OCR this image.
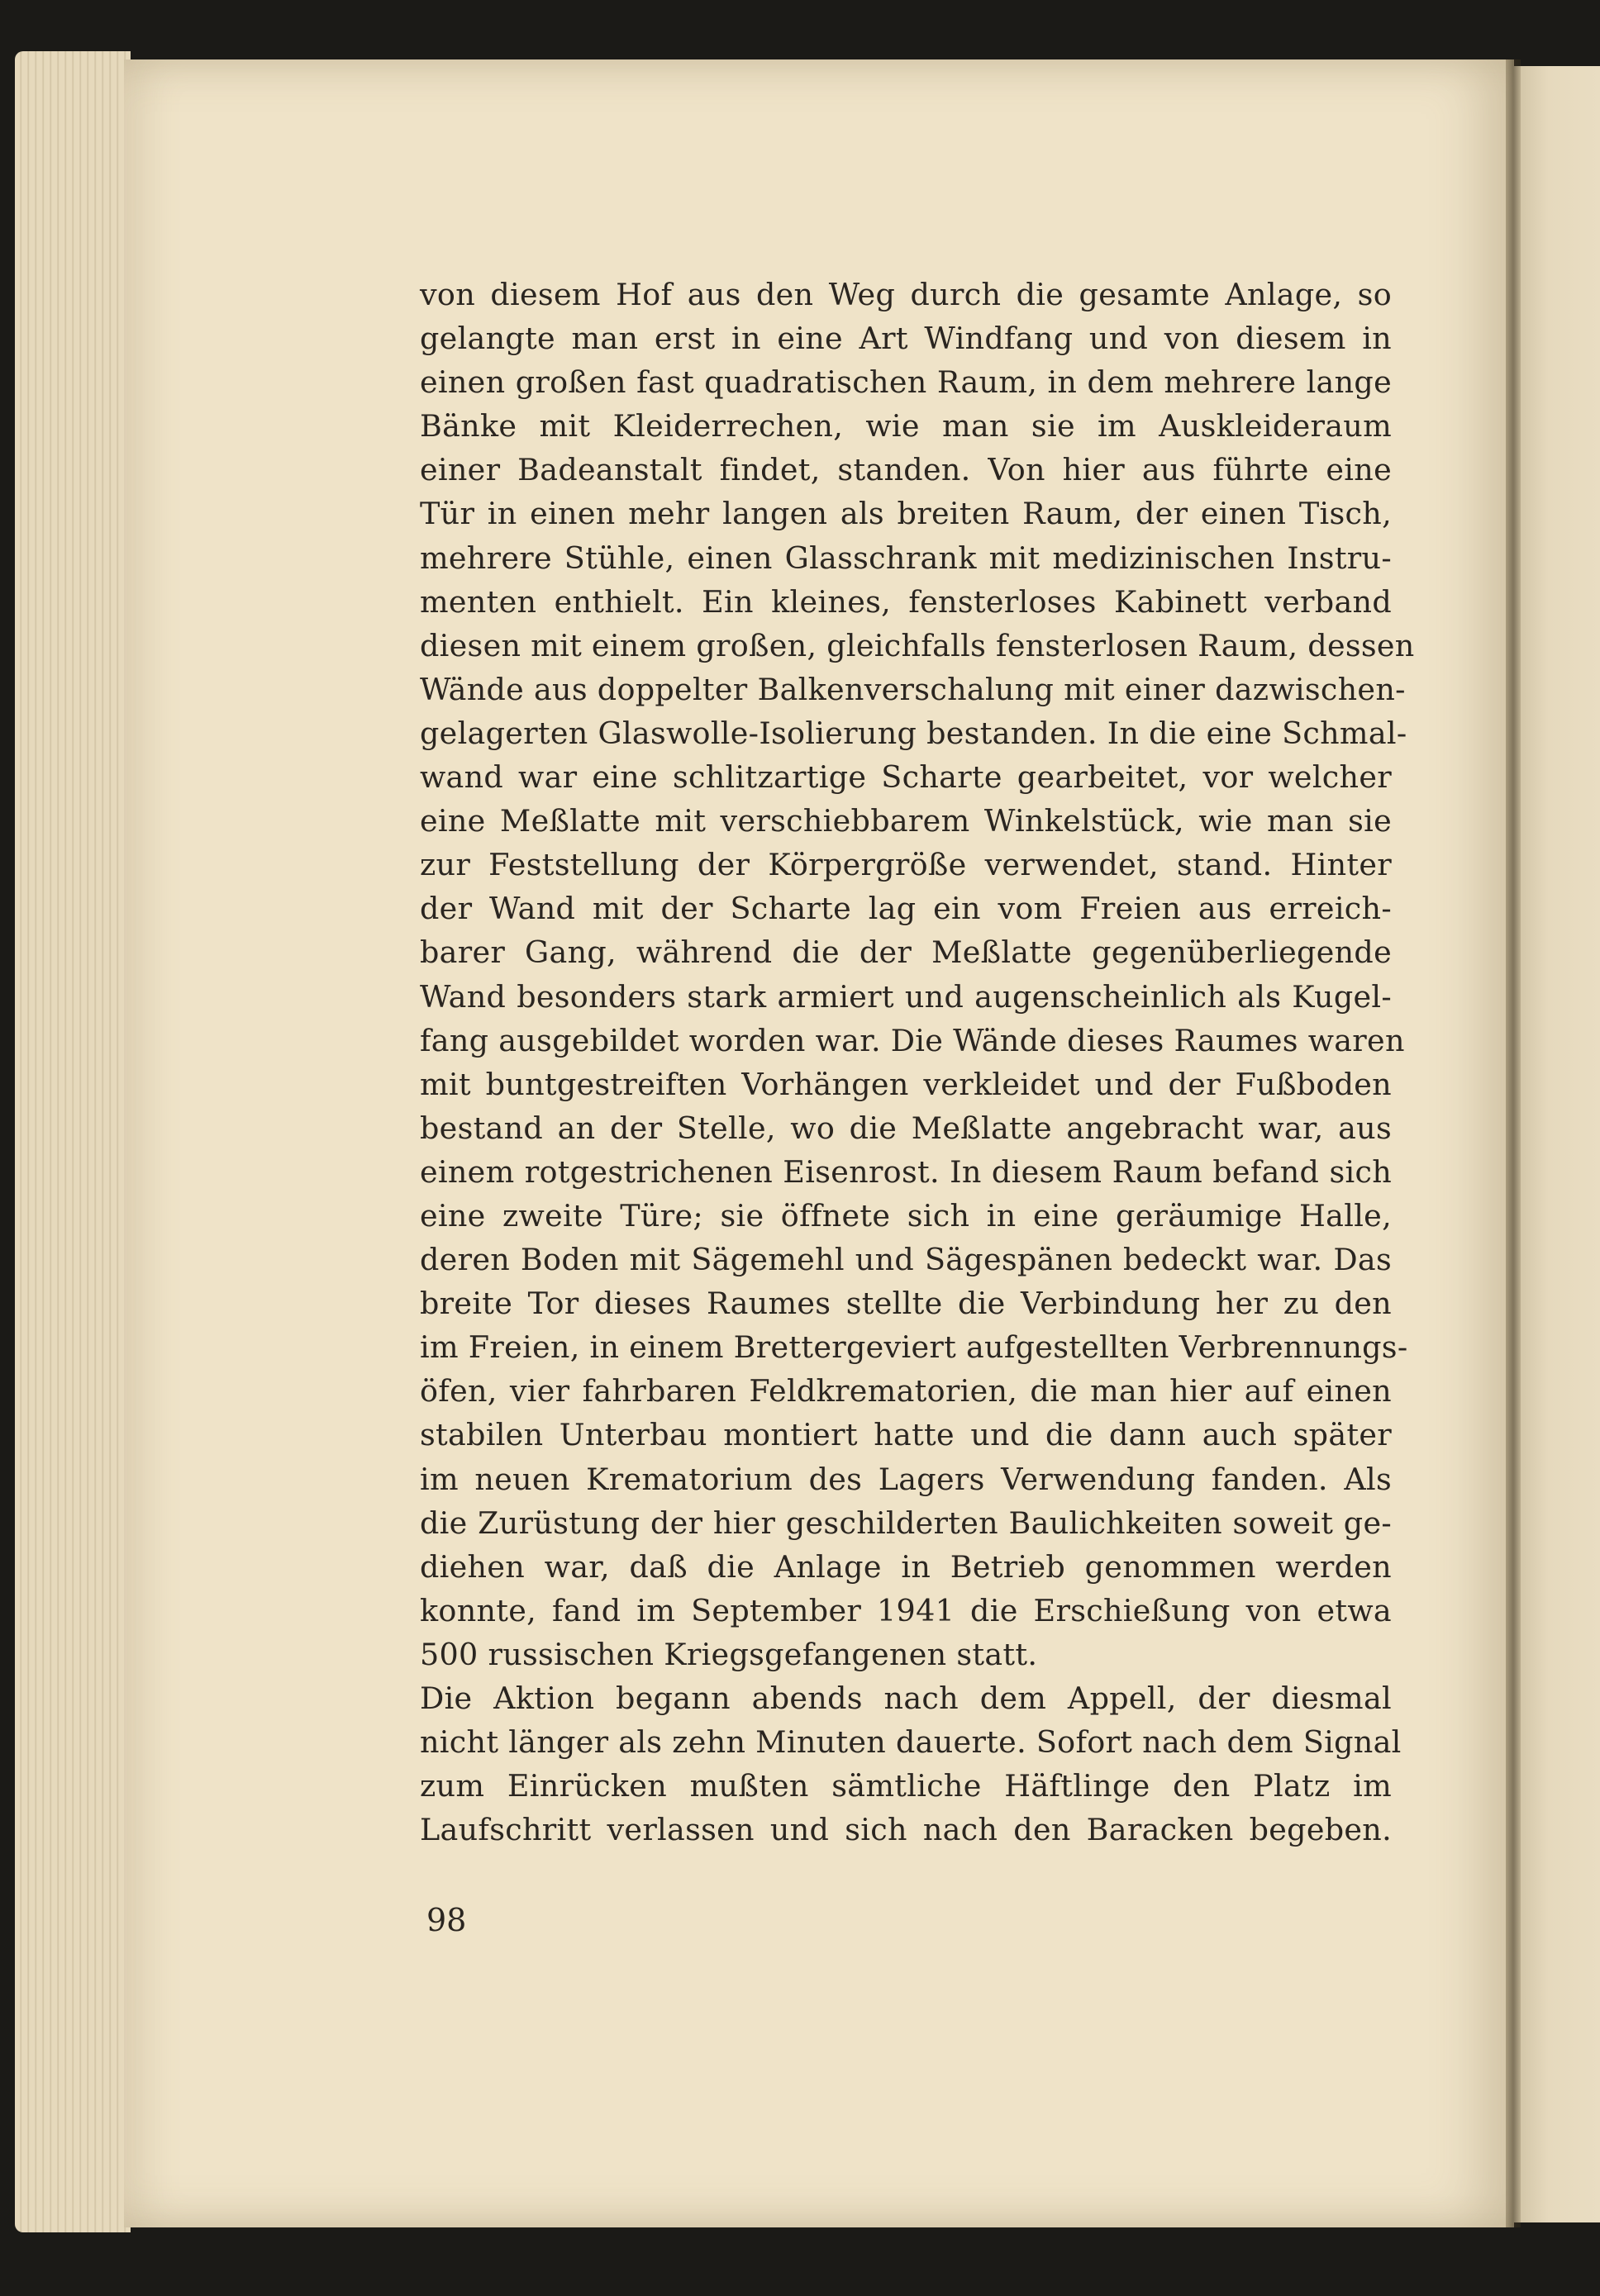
von diesem Hof aus den Weg durch die gesamte Anlage, so
gelangte man erst in eine Art Windfang und von diesem in
einen großen fast quadratischen Raum, in dem mehrere lange
Bänke mit Kleiderrechen, wie man sie im Auskleideraum
einer Badeanstalt findet, standen. Von hier aus führte eine
Tür in einen mehr langen als breiten Raum, der einen Tisch,
mehrere Stühle, einen Glasschrank mit medizinischen Instru-
menten enthielt. Ein kleines, fensterloses Kabinett verband
diesen mit einem großen, gleichfalls fensterlosen Raum, dessen
Wände aus doppelter Balkenverschalung mit einer dazwischen-
gelagerten Glaswolle-Isolierung bestanden. In die eine Schmal-
wand war eine schlitzartige Scharte gearbeitet, vor welcher
eine Meßlatte mit verschiebbarem Winkelstück, wie man sie
zur Feststellung der Körpergröße verwendet, stand. Hinter
der Wand mit der Scharte lag ein vom Freien aus erreich-
barer Gang, während die der Meßlatte gegenüberliegende
Wand besonders stark armiert und augenscheinlich als Kugel-
fang ausgebildet worden war. Die Wände dieses Raumes waren
mit buntgestreiften Vorhängen verkleidet und der Fußboden
bestand an der Stelle, wo die Meßlatte angebracht war, aus
einem rotgestrichenen Eisenrost. In diesem Raum befand sich
eine zweite Türe; sie öffnete sich in eine geräumige Halle,
deren Boden mit Sägemehl und Sägespänen bedeckt war. Das
breite Tor dieses Raumes stellte die Verbindung her zu den
im Freien, in einem Brettergeviert aufgestellten Verbrennungs-
öfen, vier fahrbaren Feldkrematorien, die man hier auf einen
stabilen Unterbau montiert hatte und die dann auch später
im neuen Krematorium des Lagers Verwendung fanden. Als
die Zurüstung der hier geschilderten Baulichkeiten soweit ge-
diehen war, daß die Anlage in Betrieb genommen werden
konnte, fand im September 1941 die Erschießung von etwa
500 russischen Kriegsgefangenen statt.
Die Aktion begann abends nach dem Appell, der diesmal
nicht länger als zehn Minuten dauerte. Sofort nach dem Signal
zum Einrücken mußten sämtliche Häftlinge den Platz im
Laufschritt verlassen und sich nach den Baracken begeben.
98
